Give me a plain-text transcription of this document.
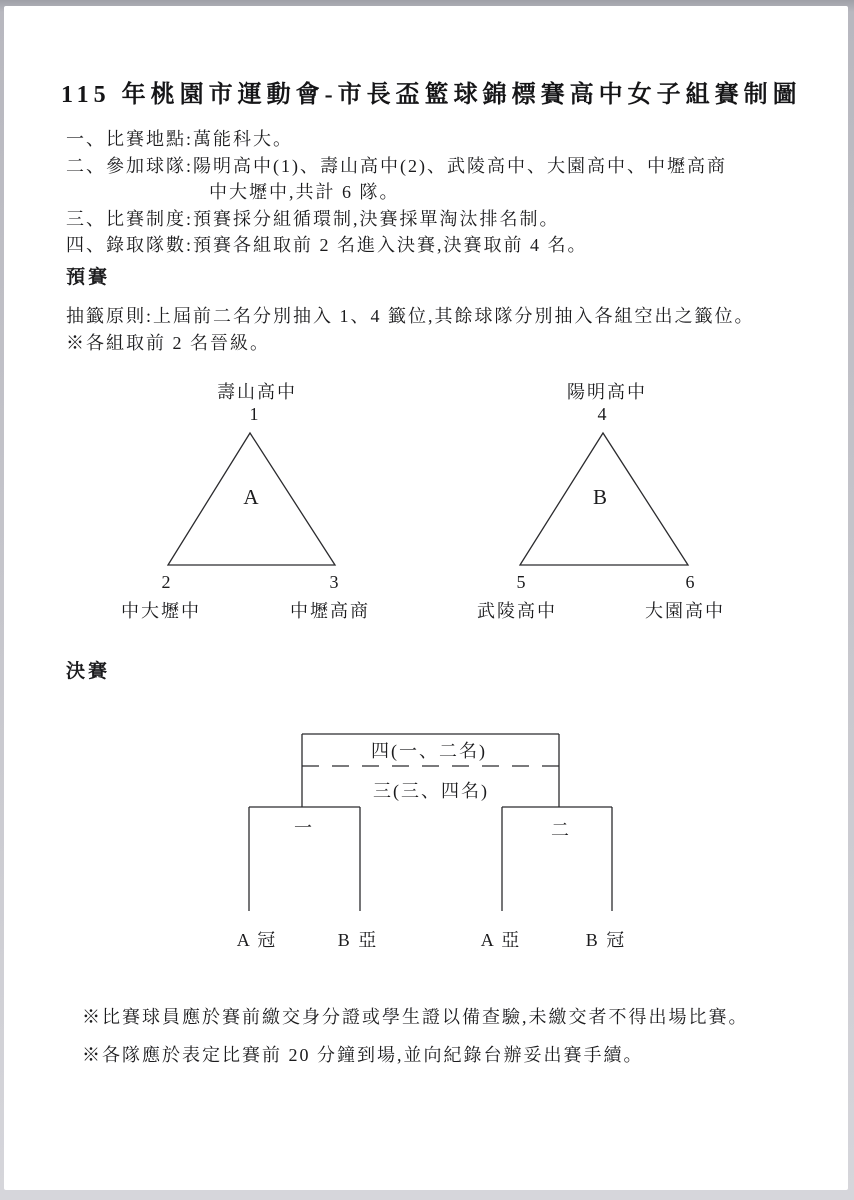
115 年桃園市運動會-市長盃籃球錦標賽高中女子組賽制圖
一、比賽地點:萬能科大。
二、參加球隊:陽明高中(1)、壽山高中(2)、武陵高中、大園高中、中壢高商
中大壢中,共計 6 隊。
三、比賽制度:預賽採分組循環制,決賽採單淘汰排名制。
四、錄取隊數:預賽各組取前 2 名進入決賽,決賽取前 4 名。
預賽
抽籤原則:上屆前二名分別抽入 1、4 籤位,其餘球隊分別抽入各組空出之籤位。
※各組取前 2 名晉級。
壽山高中
1
A
2	3
中大壢中	中壢高商
陽明高中
4
B
5	6
武陵高中	大園高中
決賽
四(一、二名)
三(三、四名)
一	二
A 冠	B 亞	A 亞	B 冠
※比賽球員應於賽前繳交身分證或學生證以備查驗,未繳交者不得出場比賽。
※各隊應於表定比賽前 20 分鐘到場,並向紀錄台辦妥出賽手續。
